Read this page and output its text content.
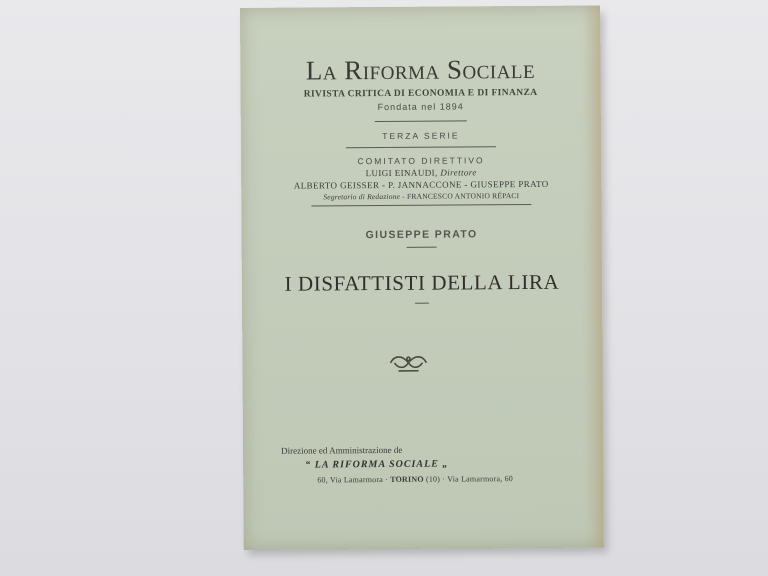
La Riforma Sociale
RIVISTA CRITICA DI ECONOMIA E DI FINANZA
Fondata nel 1894
TERZA SERIE
COMITATO DIRETTIVO
LUIGI EINAUDI, Direttore
ALBERTO GEISSER - P. JANNACCONE - GIUSEPPE PRATO
Segretario di Redazione - FRANCESCO ANTONIO RÉPACI
GIUSEPPE PRATO
I DISFATTISTI DELLA LIRA
Direzione ed Amministrazione de
“ LA RIFORMA SOCIALE „
60, Via Lamarmora · TORINO (10) · Via Lamarmora, 60
